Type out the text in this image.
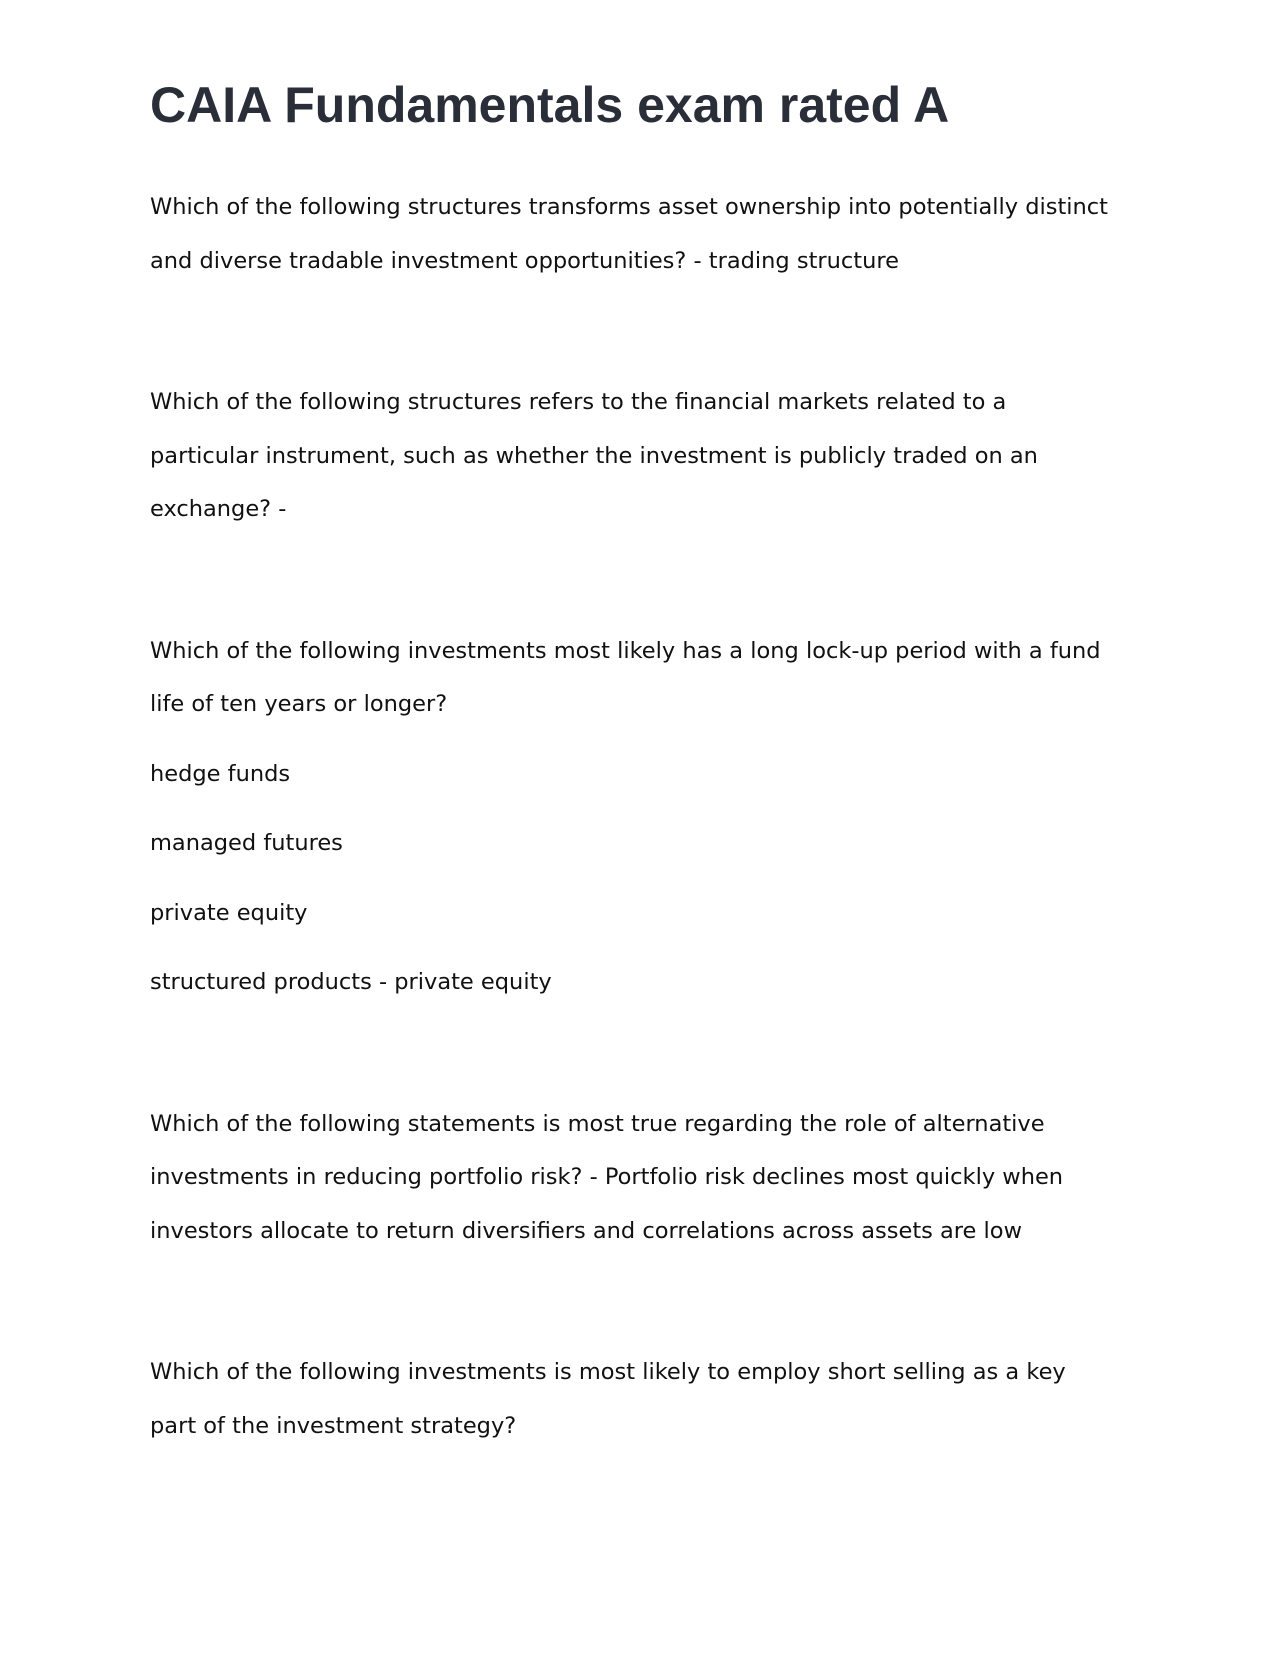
CAIA Fundamentals exam rated A

Which of the following structures transforms asset ownership into potentially distinct and diverse tradable investment opportunities? - trading structure

Which of the following structures refers to the financial markets related to a particular instrument, such as whether the investment is publicly traded on an exchange? -

Which of the following investments most likely has a long lock-up period with a fund life of ten years or longer?

hedge funds

managed futures

private equity

structured products - private equity

Which of the following statements is most true regarding the role of alternative investments in reducing portfolio risk? - Portfolio risk declines most quickly when investors allocate to return diversifiers and correlations across assets are low

Which of the following investments is most likely to employ short selling as a key part of the investment strategy?
